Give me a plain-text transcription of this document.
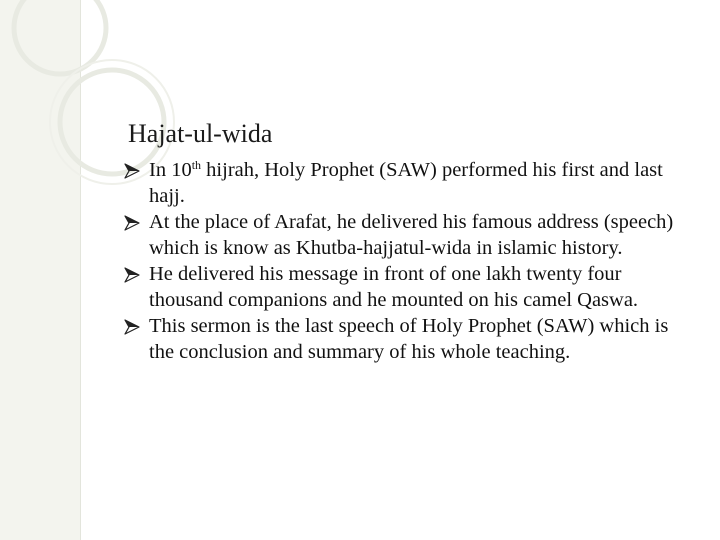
Hajat-ul-wida
In 10th hijrah, Holy Prophet (SAW) performed his first and last hajj.
At the place of Arafat, he delivered his famous address (speech) which is know as Khutba-hajjatul-wida in islamic history.
He delivered his message in front of one lakh twenty four thousand companions and he mounted on his camel Qaswa.
This sermon is the last speech of Holy Prophet (SAW) which is the conclusion and summary of his whole teaching.
